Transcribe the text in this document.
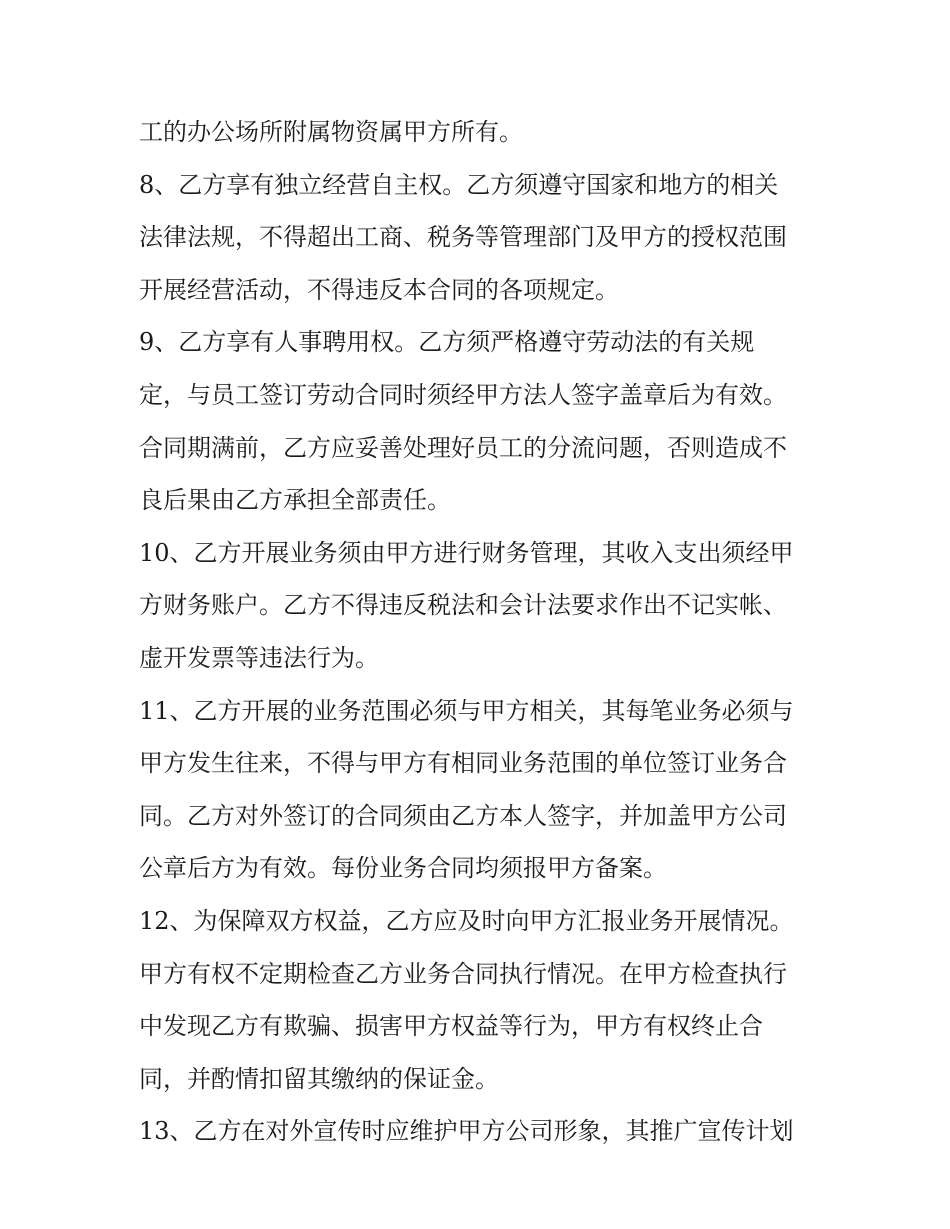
工的办公场所附属物资属甲方所有。
8、乙方享有独立经营自主权。乙方须遵守国家和地方的相关
法律法规，不得超出工商、税务等管理部门及甲方的授权范围
开展经营活动，不得违反本合同的各项规定。
9、乙方享有人事聘用权。乙方须严格遵守劳动法的有关规
定，与员工签订劳动合同时须经甲方法人签字盖章后为有效。
合同期满前，乙方应妥善处理好员工的分流问题，否则造成不
良后果由乙方承担全部责任。
10、乙方开展业务须由甲方进行财务管理，其收入支出须经甲
方财务账户。乙方不得违反税法和会计法要求作出不记实帐、
虚开发票等违法行为。
11、乙方开展的业务范围必须与甲方相关，其每笔业务必须与
甲方发生往来，不得与甲方有相同业务范围的单位签订业务合
同。乙方对外签订的合同须由乙方本人签字，并加盖甲方公司
公章后方为有效。每份业务合同均须报甲方备案。
12、为保障双方权益，乙方应及时向甲方汇报业务开展情况。
甲方有权不定期检查乙方业务合同执行情况。在甲方检查执行
中发现乙方有欺骗、损害甲方权益等行为，甲方有权终止合
同，并酌情扣留其缴纳的保证金。
13、乙方在对外宣传时应维护甲方公司形象，其推广宣传计划
